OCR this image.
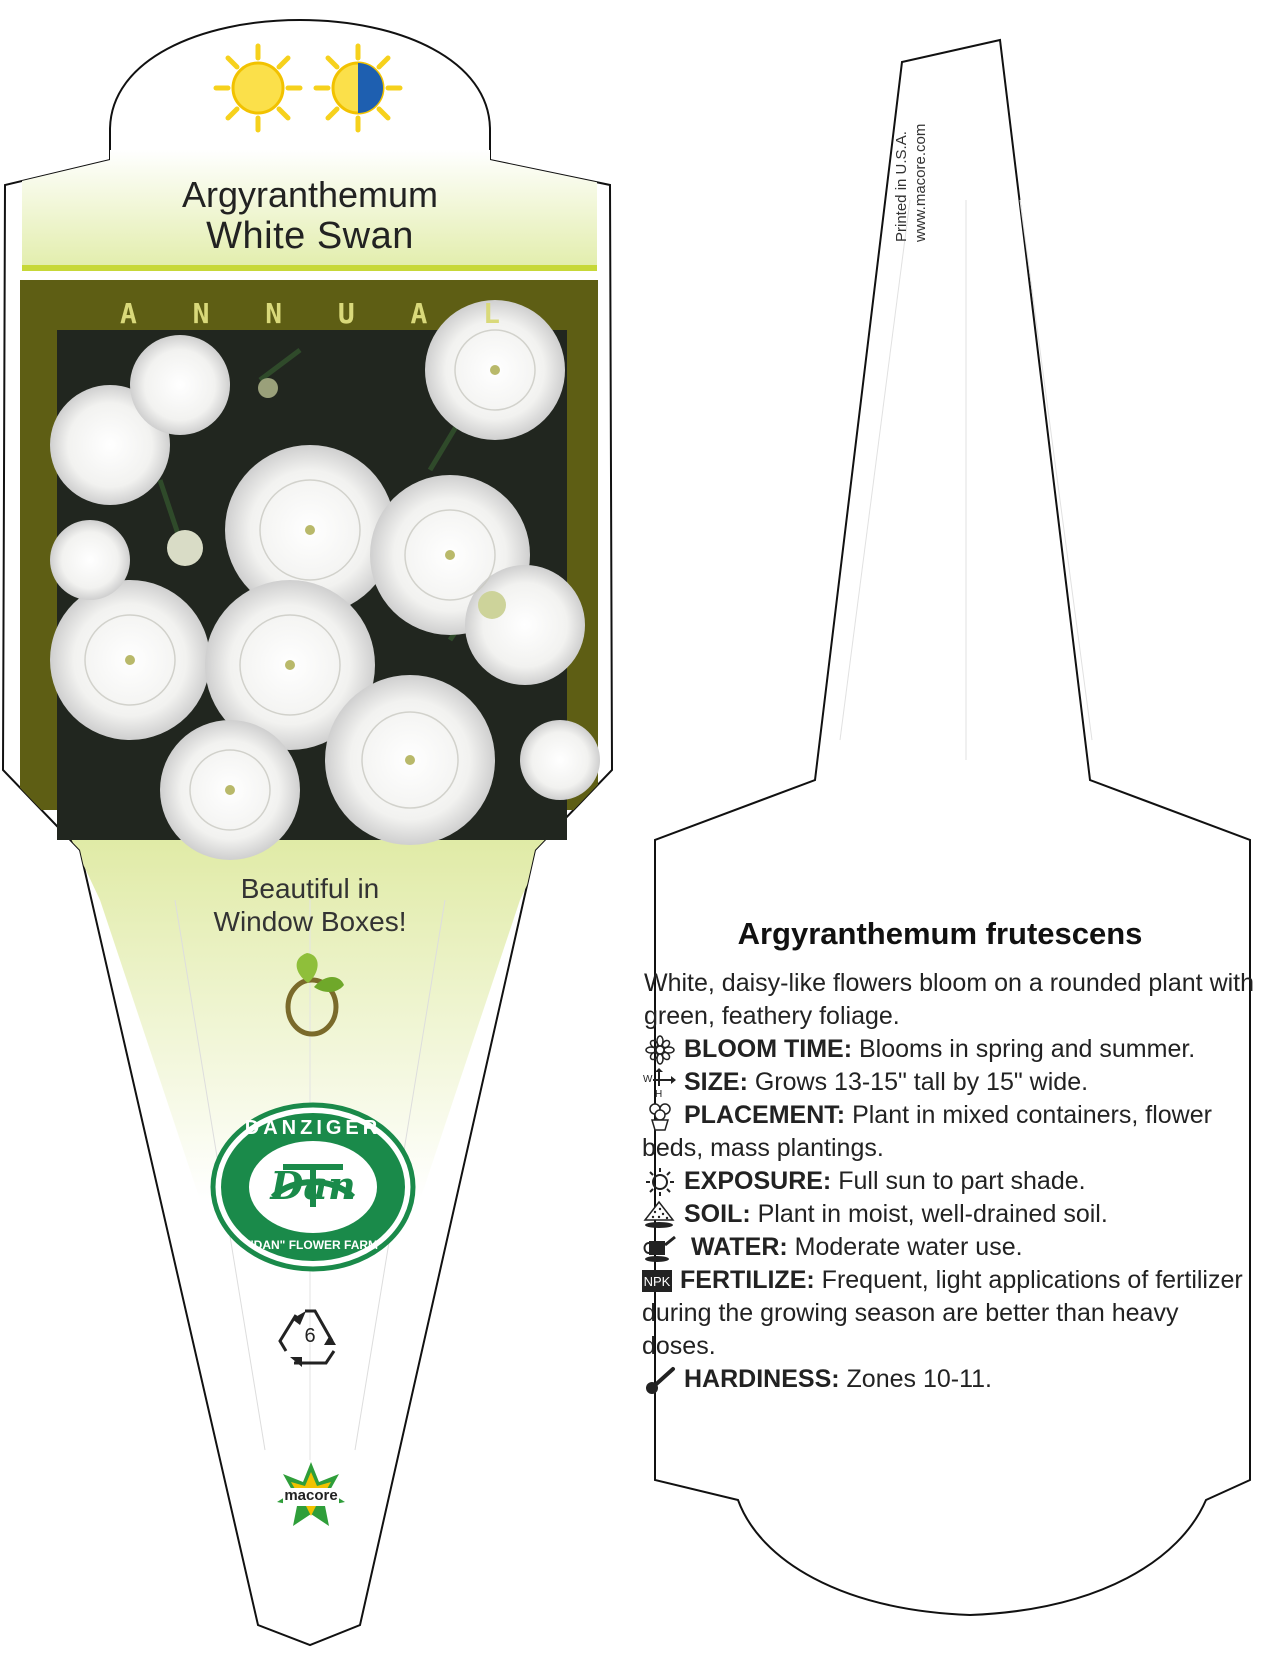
Argyranthemum
White Swan
A N N U A L
Beautiful in
Window Boxes!
DANZIGER
Dan
"DAN" FLOWER FARM
6
macore
Printed in U.S.A. www.macore.com
Argyranthemum frutescens

White, daisy-like flowers bloom on a rounded plant with green, feathery foliage.

BLOOM TIME: Blooms in spring and summer.
W
H SIZE: Grows 13-15" tall by 15" wide.
PLACEMENT: Plant in mixed containers, flower beds, mass plantings.
EXPOSURE: Full sun to part shade.
SOIL: Plant in moist, well-drained soil.
WATER: Moderate water use.
NPK FERTILIZE: Frequent, light applications of fertilizer during the growing season are better than heavy doses.
HARDINESS: Zones 10-11.
